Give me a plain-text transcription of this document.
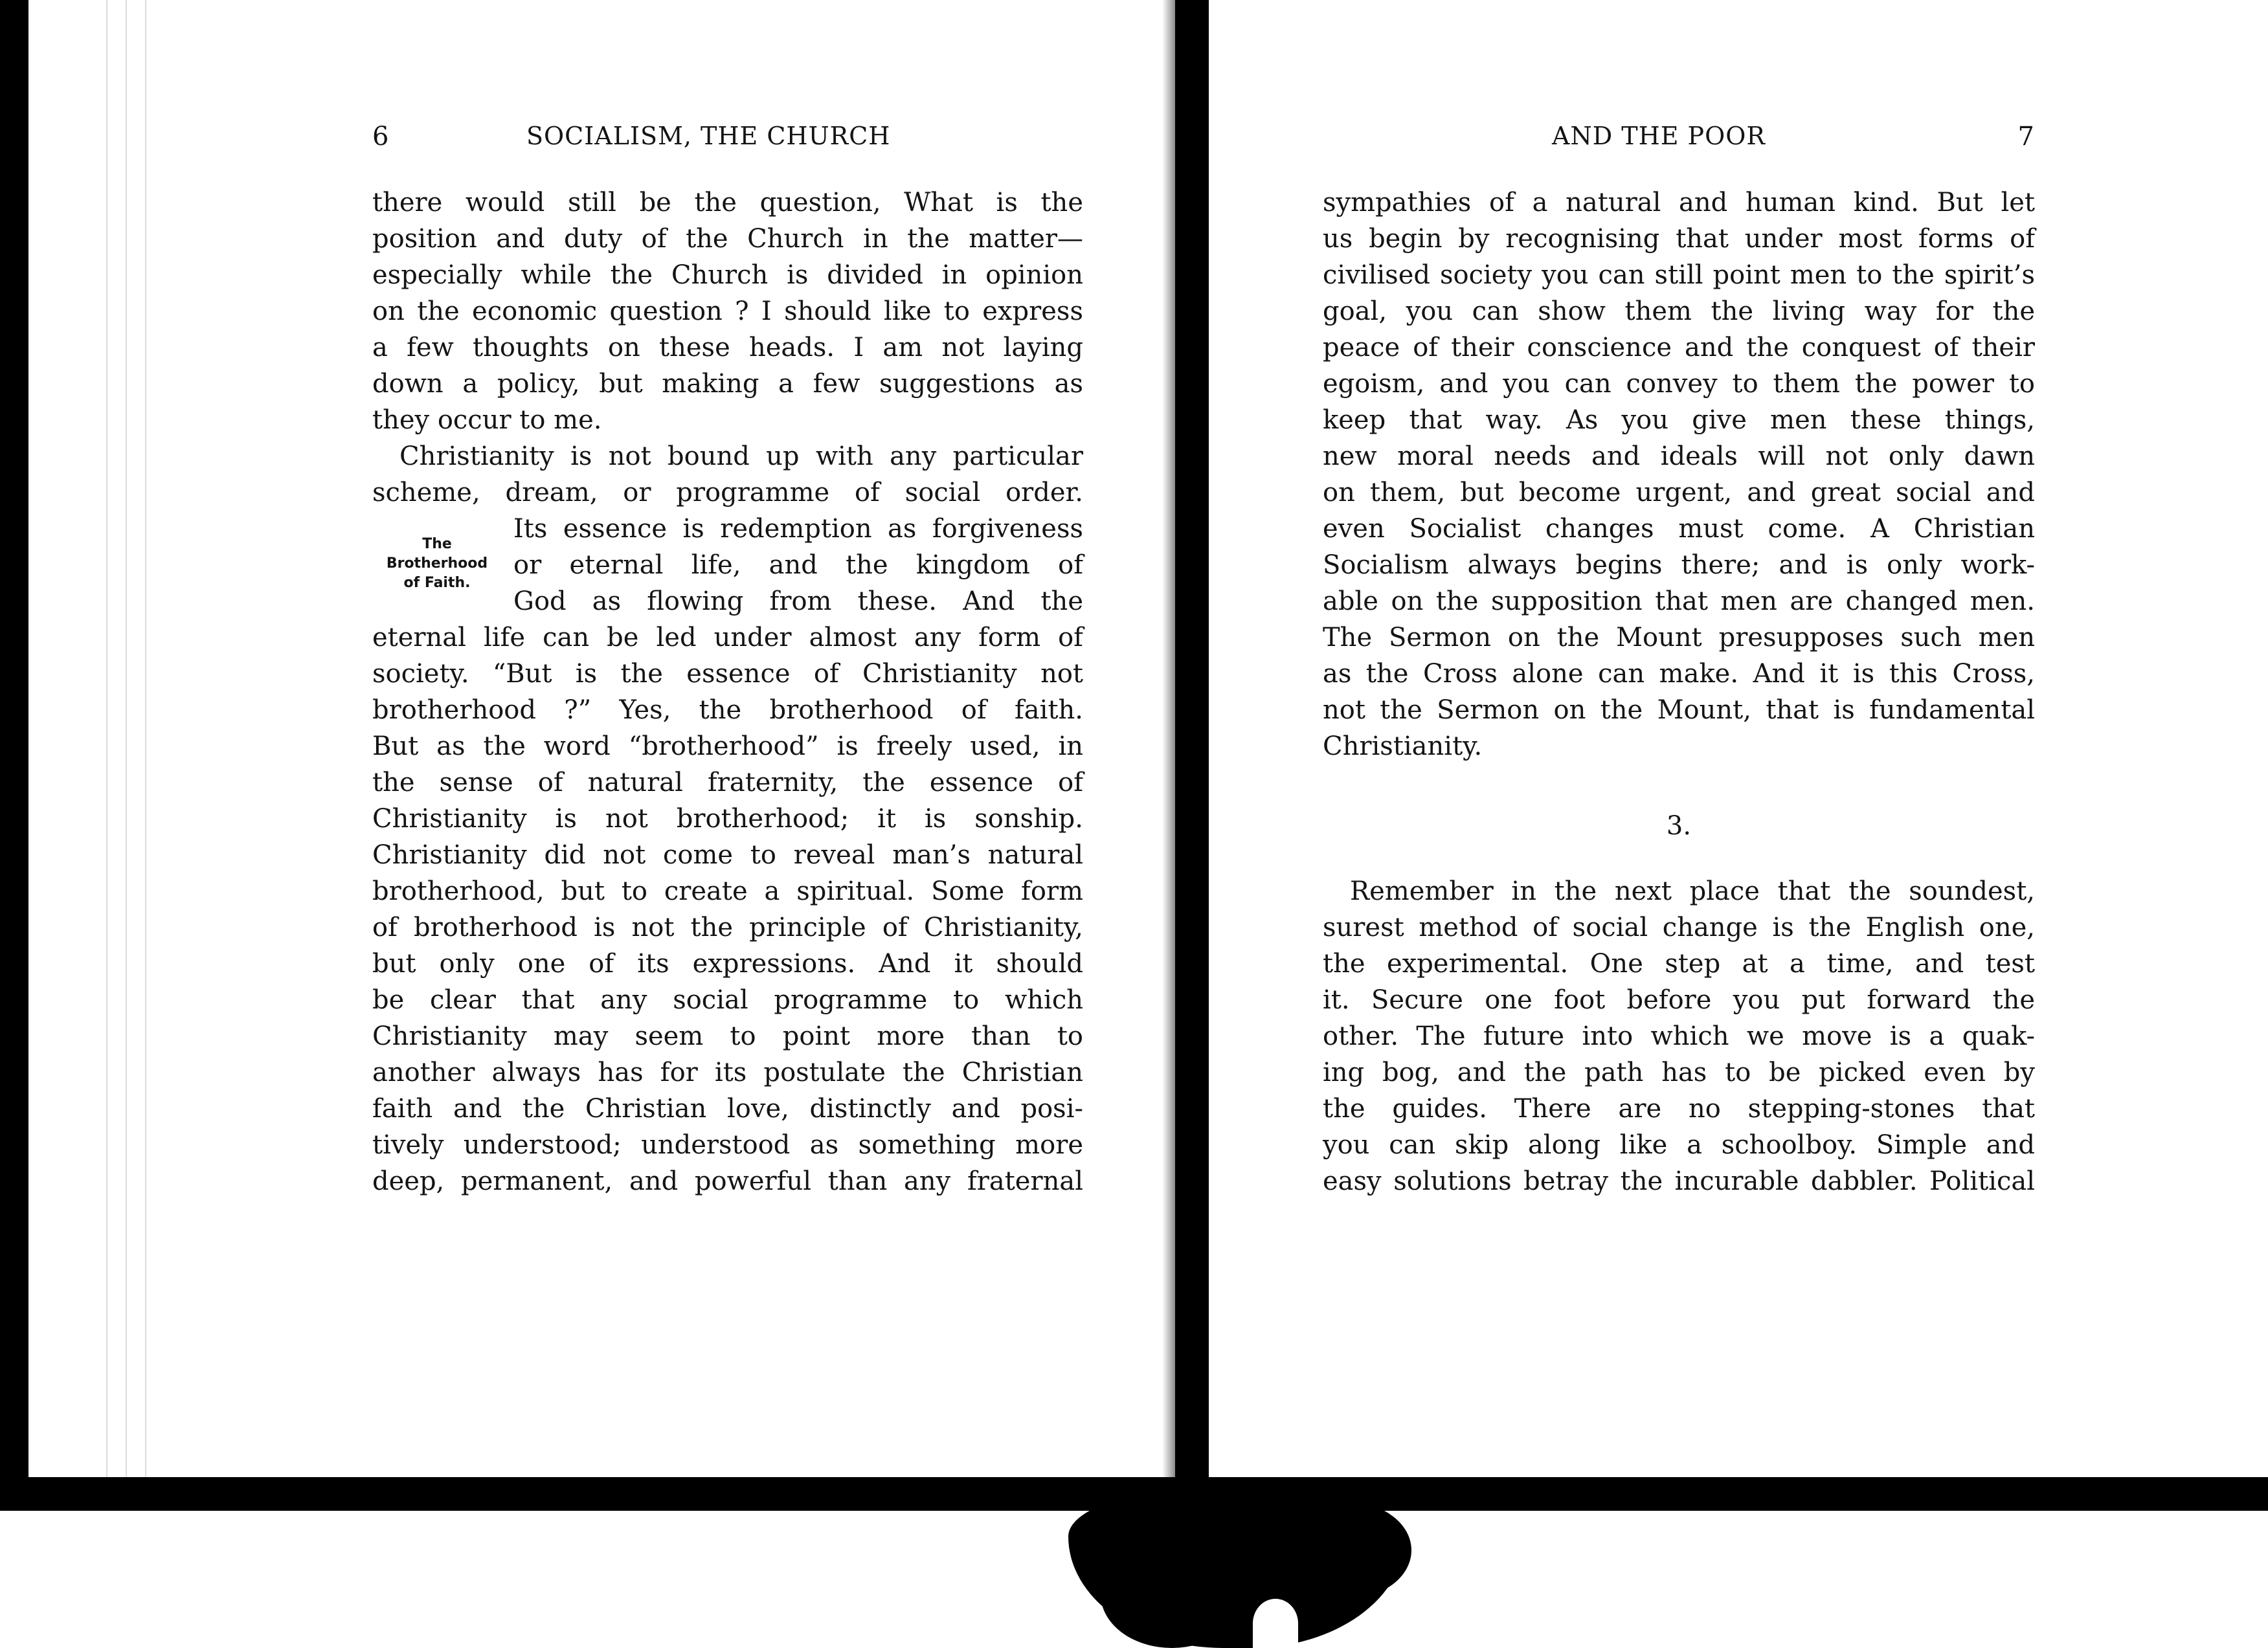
6	SOCIALISM, THE CHURCH
The
Brotherhood
of Faith.
there would still be the question, What is the
position and duty of the Church in the matter—
especially while the Church is divided in opinion
on the economic question ? I should like to express
a few thoughts on these heads. I am not laying
down a policy, but making a few suggestions as
they occur to me.
Christianity is not bound up with any particular
scheme, dream, or programme of social order.
Its essence is redemption as forgiveness
or eternal life, and the kingdom of
God as flowing from these. And the
eternal life can be led under almost any form of
society. “But is the essence of Christianity not
brotherhood ?” Yes, the brotherhood of faith.
But as the word “brotherhood” is freely used, in
the sense of natural fraternity, the essence of
Christianity is not brotherhood; it is sonship.
Christianity did not come to reveal man’s natural
brotherhood, but to create a spiritual. Some form
of brotherhood is not the principle of Christianity,
but only one of its expressions. And it should
be clear that any social programme to which
Christianity may seem to point more than to
another always has for its postulate the Christian
faith and the Christian love, distinctly and posi-
tively understood; understood as something more
deep, permanent, and powerful than any fraternal
AND THE POOR	7
sympathies of a natural and human kind. But let
us begin by recognising that under most forms of
civilised society you can still point men to the spirit’s
goal, you can show them the living way for the
peace of their conscience and the conquest of their
egoism, and you can convey to them the power to
keep that way. As you give men these things,
new moral needs and ideals will not only dawn
on them, but become urgent, and great social and
even Socialist changes must come. A Christian
Socialism always begins there; and is only work-
able on the supposition that men are changed men.
The Sermon on the Mount presupposes such men
as the Cross alone can make. And it is this Cross,
not the Sermon on the Mount, that is fundamental
Christianity.
3.
Remember in the next place that the soundest,
surest method of social change is the English one,
the experimental. One step at a time, and test
it. Secure one foot before you put forward the
other. The future into which we move is a quak-
ing bog, and the path has to be picked even by
the guides. There are no stepping-stones that
you can skip along like a schoolboy. Simple and
easy solutions betray the incurable dabbler. Political
